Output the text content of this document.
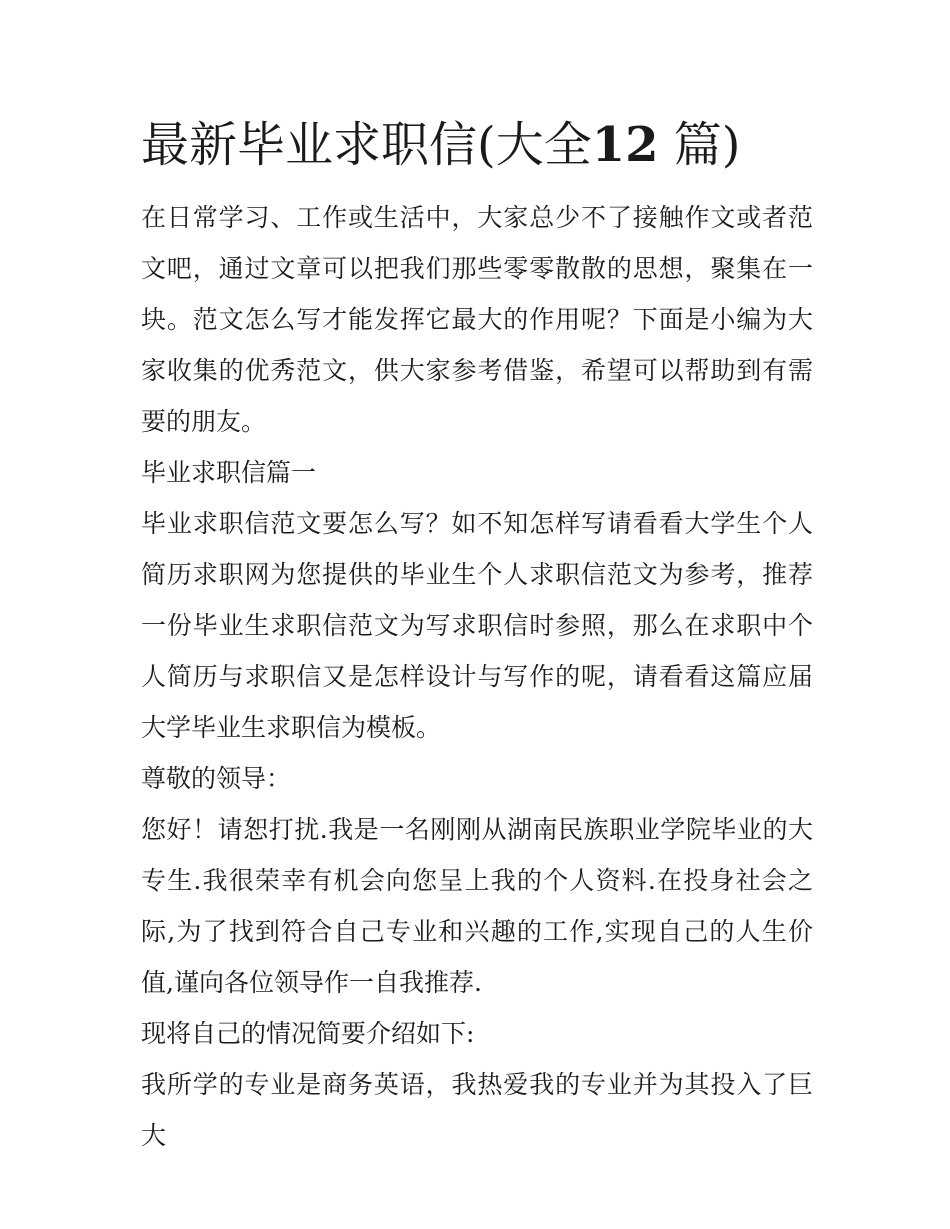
最新毕业求职信(大全12 篇)

在日常学习、工作或生活中，大家总少不了接触作文或者范文吧，通过文章可以把我们那些零零散散的思想，聚集在一块。范文怎么写才能发挥它最大的作用呢？下面是小编为大家收集的优秀范文，供大家参考借鉴，希望可以帮助到有需要的朋友。

毕业求职信篇一

毕业求职信范文要怎么写？如不知怎样写请看看大学生个人简历求职网为您提供的毕业生个人求职信范文为参考，推荐一份毕业生求职信范文为写求职信时参照，那么在求职中个人简历与求职信又是怎样设计与写作的呢，请看看这篇应届大学毕业生求职信为模板。

尊敬的领导：

您好！请恕打扰.我是一名刚刚从湖南民族职业学院毕业的大专生.我很荣幸有机会向您呈上我的个人资料.在投身社会之际,为了找到符合自己专业和兴趣的工作,实现自己的人生价值,谨向各位领导作一自我推荐.

现将自己的情况简要介绍如下:

我所学的专业是商务英语，我热爱我的专业并为其投入了巨大
